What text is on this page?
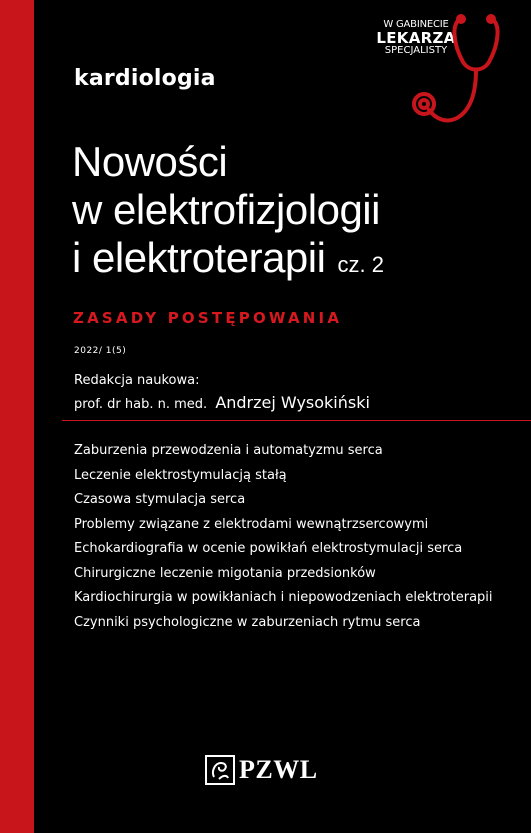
kardiologia
W GABINECIE
LEKARZA
SPECJALISTY
Nowości
w elektrofizjologii
i elektroterapii cz. 2
ZASADY POSTĘPOWANIA
2022/ 1(5)
Redakcja naukowa:
prof. dr hab. n. med. Andrzej Wysokiński
Zaburzenia przewodzenia i automatyzmu serca
Leczenie elektrostymulacją stałą
Czasowa stymulacja serca
Problemy związane z elektrodami wewnątrzsercowymi
Echokardiografia w ocenie powikłań elektrostymulacji serca
Chirurgiczne leczenie migotania przedsionków
Kardiochirurgia w powikłaniach i niepowodzeniach elektroterapii
Czynniki psychologiczne w zaburzeniach rytmu serca
PZWL
